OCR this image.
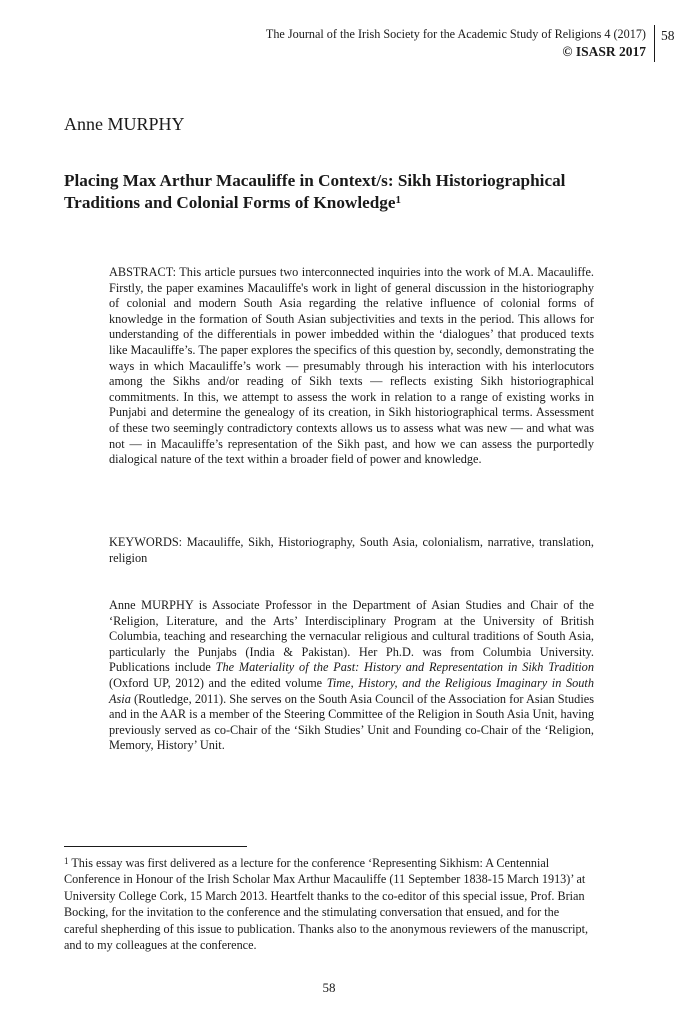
The Journal of the Irish Society for the Academic Study of Religions 4 (2017)
© ISASR 2017
58
Anne MURPHY
Placing Max Arthur Macauliffe in Context/s: Sikh Historiographical Traditions and Colonial Forms of Knowledge$^1$
ABSTRACT: This article pursues two interconnected inquiries into the work of M.A. Macauliffe. Firstly, the paper examines Macauliffe's work in light of general discussion in the historiography of colonial and modern South Asia regarding the relative influence of colonial forms of knowledge in the formation of South Asian subjectivities and texts in the period. This allows for understanding of the differentials in power imbedded within the ‘dialogues’ that produced texts like Macauliffe’s. The paper explores the specifics of this question by, secondly, demonstrating the ways in which Macauliffe’s work — presumably through his interaction with his interlocutors among the Sikhs and/or reading of Sikh texts — reflects existing Sikh historiographical commitments. In this, we attempt to assess the work in relation to a range of existing works in Punjabi and determine the genealogy of its creation, in Sikh historiographical terms. Assessment of these two seemingly contradictory contexts allows us to assess what was new — and what was not — in Macauliffe’s representation of the Sikh past, and how we can assess the purportedly dialogical nature of the text within a broader field of power and knowledge.
KEYWORDS: Macauliffe, Sikh, Historiography, South Asia, colonialism, narrative, translation, religion
Anne MURPHY is Associate Professor in the Department of Asian Studies and Chair of the ‘Religion, Literature, and the Arts’ Interdisciplinary Program at the University of British Columbia, teaching and researching the vernacular religious and cultural traditions of South Asia, particularly the Punjabs (India & Pakistan). Her Ph.D. was from Columbia University. Publications include The Materiality of the Past: History and Representation in Sikh Tradition (Oxford UP, 2012) and the edited volume Time, History, and the Religious Imaginary in South Asia (Routledge, 2011). She serves on the South Asia Council of the Association for Asian Studies and in the AAR is a member of the Steering Committee of the Religion in South Asia Unit, having previously served as co-Chair of the ‘Sikh Studies’ Unit and Founding co-Chair of the ‘Religion, Memory, History’ Unit.
$^1$ This essay was first delivered as a lecture for the conference ‘Representing Sikhism: A Centennial Conference in Honour of the Irish Scholar Max Arthur Macauliffe (11 September 1838-15 March 1913)’ at University College Cork, 15 March 2013. Heartfelt thanks to the co-editor of this special issue, Prof. Brian Bocking, for the invitation to the conference and the stimulating conversation that ensued, and for the careful shepherding of this issue to publication. Thanks also to the anonymous reviewers of the manuscript, and to my colleagues at the conference.
58
